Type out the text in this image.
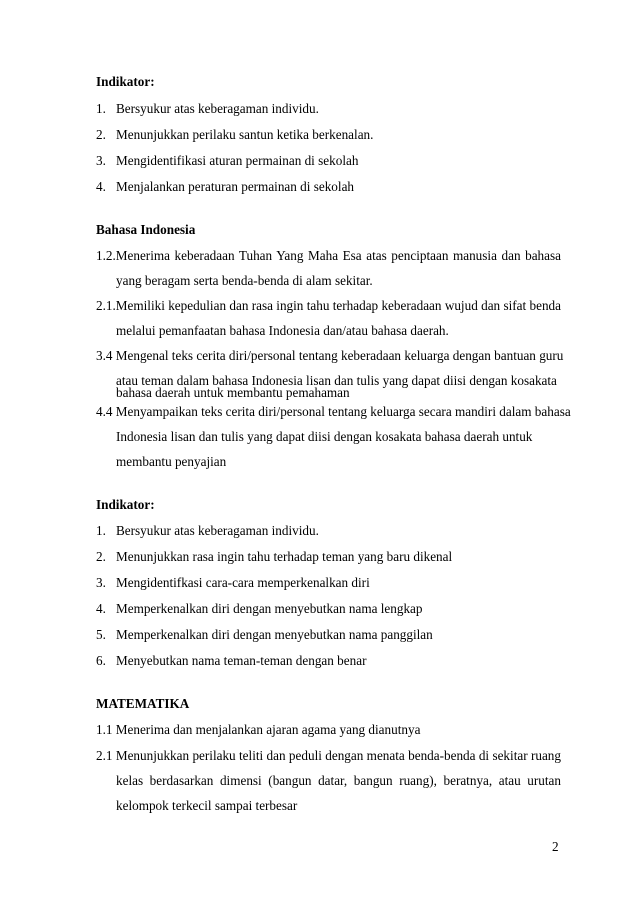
Indikator:
1. Bersyukur atas keberagaman individu.
2. Menunjukkan perilaku santun ketika berkenalan.
3. Mengidentifikasi aturan permainan di sekolah
4. Menjalankan peraturan permainan di sekolah
Bahasa Indonesia
1.2.Menerima keberadaan Tuhan Yang Maha Esa atas penciptaan manusia dan bahasa
yang beragam serta benda-benda di alam sekitar.
2.1.Memiliki kepedulian dan rasa ingin tahu terhadap keberadaan wujud dan sifat benda
melalui pemanfaatan bahasa Indonesia dan/atau bahasa daerah.
3.4 Mengenal teks cerita diri/personal tentang keberadaan keluarga dengan bantuan guru
atau teman dalam bahasa Indonesia lisan dan tulis yang dapat diisi dengan kosakata
bahasa daerah untuk membantu pemahaman
4.4 Menyampaikan teks cerita diri/personal tentang keluarga secara mandiri dalam bahasa
Indonesia lisan dan tulis yang dapat diisi dengan kosakata bahasa daerah untuk
membantu penyajian
Indikator:
1. Bersyukur atas keberagaman individu.
2. Menunjukkan rasa ingin tahu terhadap teman yang baru dikenal
3. Mengidentifkasi cara-cara memperkenalkan diri
4. Memperkenalkan diri dengan menyebutkan nama lengkap
5. Memperkenalkan diri dengan menyebutkan nama panggilan
6. Menyebutkan nama teman-teman dengan benar
MATEMATIKA
1.1 Menerima dan menjalankan ajaran agama yang dianutnya
2.1 Menunjukkan perilaku teliti dan peduli dengan menata benda-benda di sekitar ruang
kelas berdasarkan dimensi (bangun datar, bangun ruang), beratnya, atau urutan
kelompok terkecil sampai terbesar
2
